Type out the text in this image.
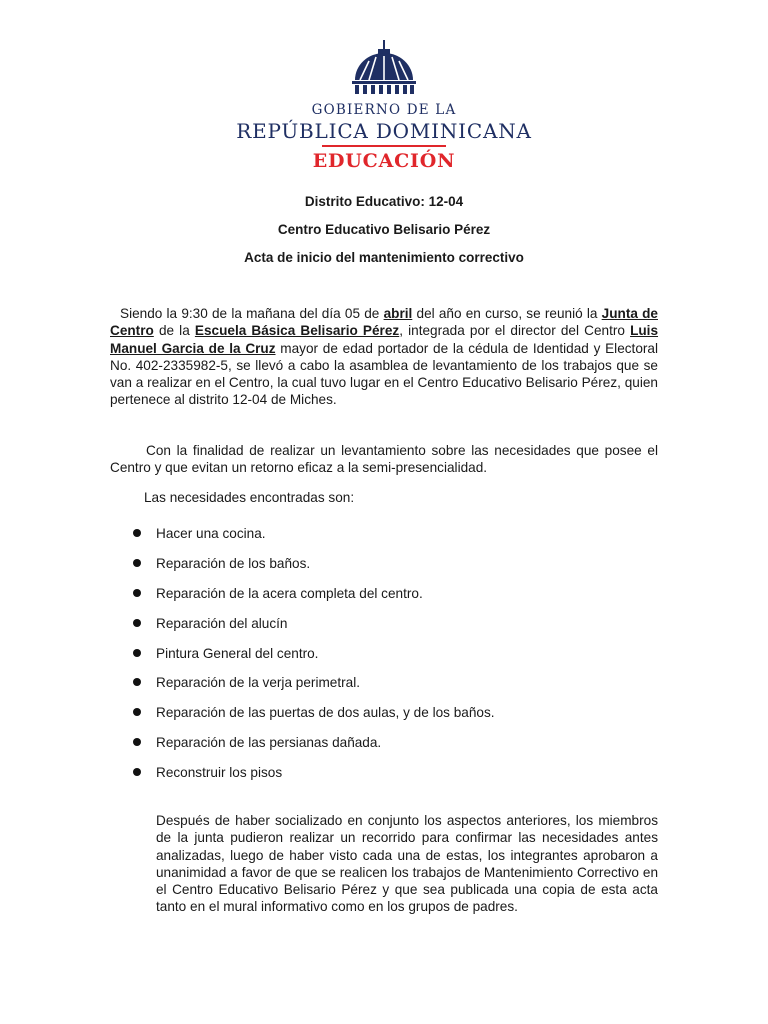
GOBIERNO DE LA
REPÚBLICA DOMINICANA
EDUCACIÓN
Distrito Educativo: 12-04
Centro Educativo Belisario Pérez
Acta de inicio del mantenimiento correctivo

Siendo la 9:30 de la mañana del día 05 de abril del año en curso, se reunió la Junta de Centro de la Escuela Básica Belisario Pérez, integrada por el director del Centro Luis Manuel Garcia de la Cruz mayor de edad portador de la cédula de Identidad y Electoral No. 402-2335982-5, se llevó a cabo la asamblea de levantamiento de los trabajos que se van a realizar en el Centro, la cual tuvo lugar en el Centro Educativo Belisario Pérez, quien pertenece al distrito 12-04 de Miches.

Con la finalidad de realizar un levantamiento sobre las necesidades que posee el Centro y que evitan un retorno eficaz a la semi-presencialidad.

Las necesidades encontradas son:

Hacer una cocina.
Reparación de los baños.
Reparación de la acera completa del centro.
Reparación del alucín
Pintura General del centro.
Reparación de la verja perimetral.
Reparación de las puertas de dos aulas, y de los baños.
Reparación de las persianas dañada.
Reconstruir los pisos

Después de haber socializado en conjunto los aspectos anteriores, los miembros de la junta pudieron realizar un recorrido para confirmar las necesidades antes analizadas, luego de haber visto cada una de estas, los integrantes aprobaron a unanimidad a favor de que se realicen los trabajos de Mantenimiento Correctivo en el Centro Educativo Belisario Pérez y que sea publicada una copia de esta acta tanto en el mural informativo como en los grupos de padres.
